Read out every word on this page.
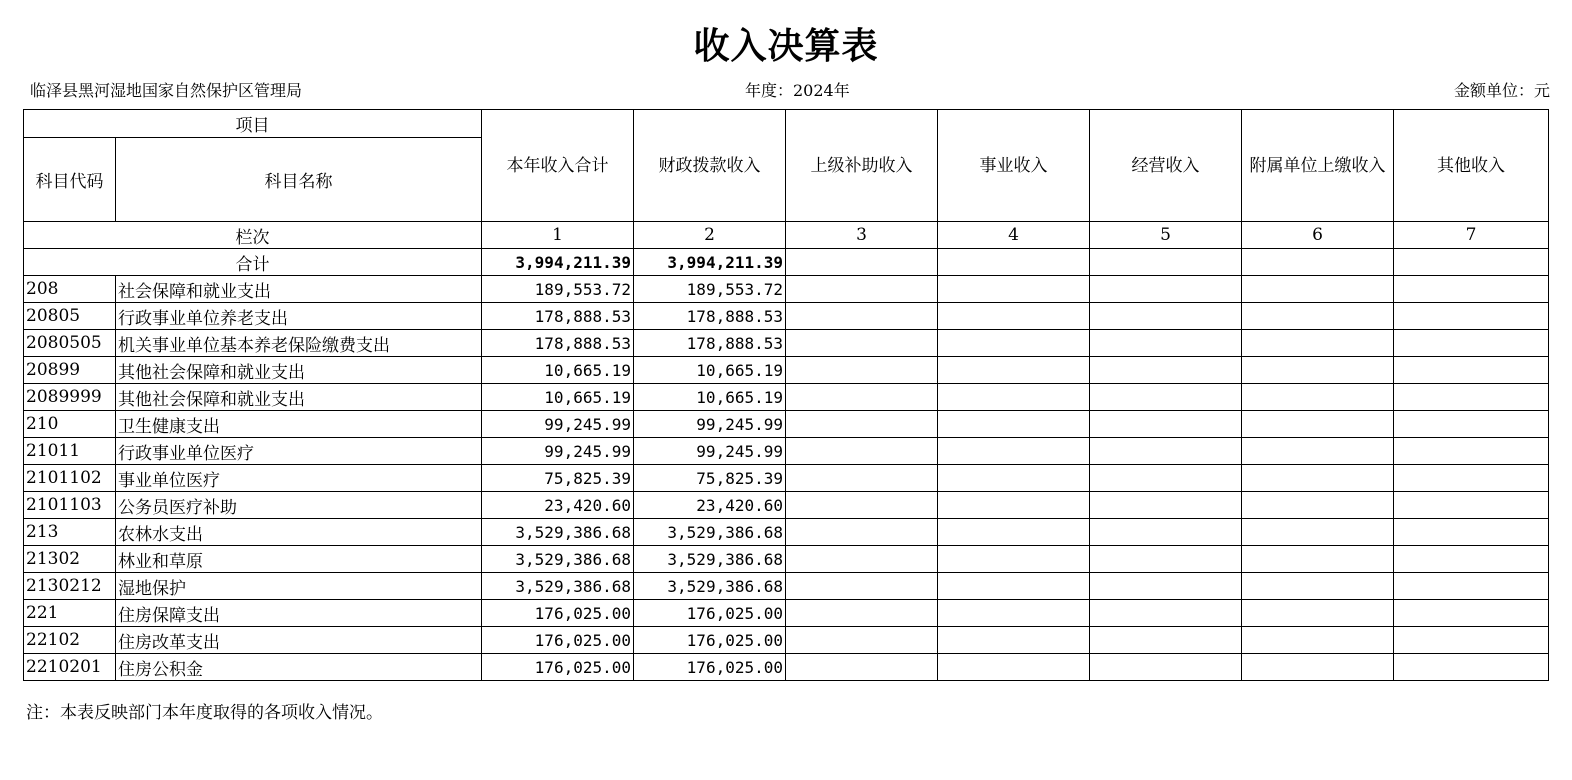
收入决算表
临泽县黑河湿地国家自然保护区管理局	年度：2024年	金额单位：元
项目		本年收入合计	财政拨款收入	上级补助收入	事业收入	经营收入	附属单位上缴收入	其他收入
科目代码	科目名称							
栏次		1	2	3	4	5	6	7
合计		3,994,211.39	3,994,211.39					
208	社会保障和就业支出	189,553.72	189,553.72					
20805	行政事业单位养老支出	178,888.53	178,888.53					
2080505	机关事业单位基本养老保险缴费支出	178,888.53	178,888.53					
20899	其他社会保障和就业支出	10,665.19	10,665.19					
2089999	其他社会保障和就业支出	10,665.19	10,665.19					
210	卫生健康支出	99,245.99	99,245.99					
21011	行政事业单位医疗	99,245.99	99,245.99					
2101102	事业单位医疗	75,825.39	75,825.39					
2101103	公务员医疗补助	23,420.60	23,420.60					
213	农林水支出	3,529,386.68	3,529,386.68					
21302	林业和草原	3,529,386.68	3,529,386.68					
2130212	湿地保护	3,529,386.68	3,529,386.68					
221	住房保障支出	176,025.00	176,025.00					
22102	住房改革支出	176,025.00	176,025.00					
2210201	住房公积金	176,025.00	176,025.00					
注：本表反映部门本年度取得的各项收入情况。
